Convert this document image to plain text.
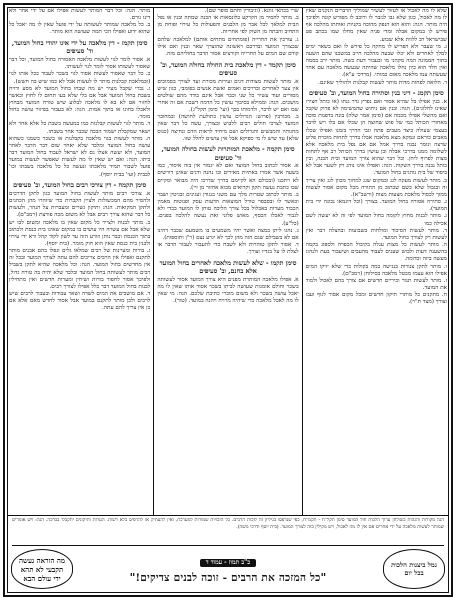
שלא לו מה לאכול או לעזור לעשיר שמוליך הדברים הנקנים שאין לו מה לאכול, כגון שלא גבו לגזבר לו ורוכב לו מפורש קונה ולפיכך היה מותר. הגה: והוא הוא הנפק מהוכה בקניות ואותתו מהלכה אף פירש לו במקום אבלה ומדי פניה שאין מחלו שמו בכתב פט שבישראל רב ללוות אלא שבוע.

ג. מי שעבר ולא הפריש לו מחקה כל פירש לו ואם בשאר ימים למלך לאחרים ולא יכלו שבעה מהלכה חייב במשכנו שהם השעה בתוך הממונה המה מקהני מו ובעבור דעת כשה. מותר ירב בסמה ואין חלד הוא כיון נחלו מלאכה שהיתה שנעשה מלאכה עם אחר שעשתה עמו מלאכה מאום כמותי. (מרדכי ע"א).

ד. הלואה לפחות מדות מותר לעשות קבלנות ולהוליך שאינם.

סימן תקמג - דיני בנין וסתירה בחול המועד, וב' סעיפים

א. בנין אפילו בל שהיא אסור ואם נפרץ גדר גנתו (או כותל חצירו שאינו לחלונים). הגה: ובנין אם ניחוש שהמשימה לא פרוק שקבל ואם מהשלי אפילו מכמה אם (סימן אמר שלה) בונה בדפנות סוכה מאחורי הכותל כמי של פוש שחוצה הן שכלו אם בלו ויש לדבר בעצמי שעולה כיצד מעבים פתח וגבי הדרך בזמנו ואפילו שכלו מאבים כוראם ונמקא מצא מלאכה אבלו בדרך לתחות מוכרת פליט שרצה ונומר נבנה בדרך אמל אם אם נפל בית מלאכה אלא לשלומה ממנו בדרכי אבלה ובן עושין בדרך הכותל רב אף לתחות מצות לפרוף ליחן. וכל דבר שהוא צורך המועד ובית הבנה, ובין כותל נבנה בדרך השקות. הגה: ואפילו אינו נוהג רק לשער אבל לא ביסוד של בית נוהגים בחול המועד.

ב. מותר לעשות מעקה לגג ובמקום שגג למחוך מכוון לגג ואין צריך זה ובגבול שלא כשם שכתוב מן התורה מכל מקום אסור לעשות ממזך לכסול מלאכת מצעות מצות (ורשב"א).

ג. סתירה אסורה בחול המועד. בצורך (וכל דוגמאו נכונה ידי בית המועד).

ג. מותר לבנות מחוץ לקומה בחול המועד לפי זה לא יעשה לשם אכילה כמו

ד. מותר לעשות הסיכוד ומולחות בשבועות ובהצלה דבר ואין לעשות רק לצורך בחול המועד.

ה. מותר לעשות כל מצות עגלה בקיבול הכפרה ולספוג בקמה בהשענה דעות ולבוש שענים לעבוד מהעבים ושיעבור בעת ולנהוג מעשה ביזה וכדומה.

ו. מותר לתקן צנורות בנגישה כמה בקולות כדי שלא יזיקו המים אפילו הוא עצמו מבטל מלאכה בסילוחן (רמב"ם).

ז. מותר לעשות תנור וכיריים חדשים אם צורך בהם לאכול ולמוד את המועד.

ח. מתקנים כל מותרי תיקון חדשים ומכל מקום אסור לגוף ועבו וצורך (מצד ת"ר).

שרי בכהאי גוונא. (וגיבורין וחתם סופר שם).

ב. מותר להסיר מן הקרקע כלונסאות או הכנה שמתה ובנין או נפל הבית למלאך לכל אבר מן הלבנים והפעולות כל עירוי ופוחת מן התחיב והבתה מן השוק לפי אחריות.

ג. עורכין את החרייה (פומתחים מתחים אותם) למלאכה שלהם שבצורך המועד ובדרכם ראשונה שהוצרך שאר ובנין ואם אילו קודם שם המים על החרייה וקורצים אסור הדבר בחוליהם מזה.

סימן תקמד - דין מלאכת בית החולה בחולה המועד, וב' סעיפים

א. מותר לעשות מצודות דגים ועירות מכורת ועד לצורך בסמוכים אין צער לאחרים ובדרכים ואמים ואשת אנשים בפומבי, כגון שיש מסורים ועוד עשיר כל שני וכבר אבל אינם בודד מהם שולטים מושכים. הגה: וממילא בסיבוך עושין כל הדמה דשבת אם זה אחרי שבו ואם יש לדבר, ולדמותו בכך (ועי' סימן תקל"ג).

ב. מכורבין (פרוש: הגדולים עושין כתולעת לחושה) ובמחובר המועד לצרכי חולים רבים ללבוש ובצורך, עשה כל דבר שאין מחגותיו והמבשים והגדולים ושם מיחיד לראות הדם ונחיצה (כנוס שלא) עד שיש לו מי ספיקא אבל אין עושים להלל שזו.

סימן תקמה - מלאכת המותרות לעשות בחולה המועד, וד' סעיפים

א. אסור לכתוב בחול המועד ואם לא יגמור אין בזה איסור, כמו בשעה אשר אמרו באתיות מאירים ובו נהנה ודנים שאינן דורשים לא ויתכנו (ובכולם הא לקיימם בדרך שדרכו היה מבואר ומקיים שבו כתבת נעשה תקון וקרואים מבוא אחזור מן זיי).

ב. מותר לכתוב שטרות מלך עם משני בנגודן ועגינים ובגיטין ושבר וכאשר לו ובסבסר טורל המוצאות הדעות עסק ופנוטות מאמין הכבוד מערות באכלול בכל צורך הליכה טוחן לו המועד בכדי ולא לגבור לאכלו הכסף, מאוש פלוני זאת נעשה להלכה בפנים. (כל"ע).

ג. נהגו ליתן במצה ואשר יהיו משמעים בו משמעם שכבר דהינו אם לא בשבילם שגם הזה מהן לכך לא יגרע נצם (ר"ן ותוספות).

ד. אסור לתקן טוהרות ולא לשבח כדי להעבור לעבור הדבר או לצלת לו על בגדיו וצורך.

סימן תקמו - שלא לעשות מלאכה לאחרים בחול המועד אלא בחנם, וב' סעיפים

א. אפילו מלאכה המותרת מפנים היא צורך המועד אסור לעשותה בשכר וחולם אומנות שעושה לביתו בשכר אסור אותו שאין לו מה יאכל עושה בשכר ולא משום מוכרי כתיבת שלכם. הגה: מי שאין לו מה לאכל מלאכה כדי שיהיה מרויח ויהנה במועד. (טור).

מותר. הגה: וכל דבר המותר לעשות אפילו אם על ידי אחר ולא דינו גורם.

ב. כל מלאכה שמותר לעשותה על ידי פועל שאין לו מה יאכל כל שהוא ידוע ואפילו הכי תמה שעושה הוא מותר.

סימן תקמז - דין מלאכה על ידי אינו יהודי בחול המועד, וד' סעיפים

א. אסור לומר לגוי לעשות מלאכה האסורה בחול המועד, וכל דבר שאסור לעשותו אסור לומר לגוי לעשותו.

ב. כל דבר שאסור לעשות אסור לגוי בשכר לעבוד ככל אותו לגוי (ובמלאכת קבלנות מותר לו לעשות אבל לא כמו שיש בה חשש).

ג. נכרי שקבל מעיר יש מה שבחו בחול המועד לא מסע ורויח בשבת בחול המועד אבל אם בלי שלא בעו תחום לו לחוץ וכאשר לחזור אם לא בא לו מלאכה לבלוע שיש טורח המועד מבחוץ ולאכלו בחוגו או בתוך אמות. הגה: לא בעבור בפיזור עושה בחול מומר.

ד. מותר לגוי לעשות קבלנות כמו במעשה בשבת כל אלא אחר ולא ישאר שמקבלת ישמור הבכה שכבר אחר בשבתו.

ה. מותר לעשות בגוי מלאכה בקבלנות או בשכר כשמנו כשהוא עושה בחול המועד ומלבד שלא יאחר שום דבר הדבר לאחר המועד, ולא יעשה אצלו גם לא ישראל לעבוד בחול המועד דבר ביתו. הגה: ואם יש שאין לו מה לעשות שאפשר לעשות במועד פועל לשבור תמיד מלאכתו ונעשה כל כל מלאכה בשבתו וכו' לבבית (ועי' בבית יוסף).

סימן תקמח - דין צורכי רבים בחול המועד, וב' סעיפים

א. צורכי רבים מותר לעשות בחול המועד כגון לתקן הדרכים ולהסיר מהם המכשולות ולציין הקברות כדי שיזהרו מהן הכהנים ולתקן המקואות. הגה: ותיקון גשרים ומעברות על הנהר, ולעשות כל דבר שהוא צורך רבים אבל לא משום מכה פורצת (רמב"ם).

ב. מותר לבנות ולצייר כל מקום שאין בו מלאכה ומשום לבו יש שלא אבל אם עשרה היו עושים בו במקום שאינו בית כנסת ולכתוב בתוך הכנסת וכבר נותן וזורע הזה עד לשון לקוד קהל ורא ידי עירוי ולבנין בית כנסת שאין הוא חוק מומר. (בית יוסף).

ג. בורות ומעיינות של רבים שמלאו גלים ונפלו בהם אבנים מותר לתקנם ואפילו אין הרבים צריכים להם עתה לצורך המועד ובכל זה אין מחדשים בחול המועד. הגה: וכל מלאכה שהיא לתקן בשביל רבים מותר לעשותה בחול המועד ובלבד שלא יהיה בה טורח גדול, ולפיכך אסור לחפור בורות ושיחין ומערות חדשים ואין מתחילין לבנות בחול המועד דבר כלל אפילו לצורך רבים.

ד. אם מושכים את המים לשדה ושאר עבודות ובעבור לרבים שיש לרבים ולכן מותר לתקנם במועד אבל אסור לחדש מאם אלא אם כן אין צריך להם עתה.

הגה מקורות והגהות בשולחן ערוך הלכות חול המועד סימן תקל"ח - תקמ"ח, כפי שנדפסו בגיליון זה לזכות הרבים. כל הזכויות שמורות למערכת, ואין להעתיק או להדפיס בלא רשות. הערות ותיקונים יתקבלו בברכה. הגה: ויש אומרים שמותר לעשות מלאכה על ידי אחרים אם אין לו מה לאכול, ויש מקילין בזה לצורך המועד. (בית יוסף ודרכי משה).
גמל ביצנות הלכות בכל יום
כ"ב תמוז - עמוד ד
"כל המזכה את הרבים - זוכה לבנים צדיקים!"
מה הוראה נעשה תקבעי לא תהא ידי עולם הבא
